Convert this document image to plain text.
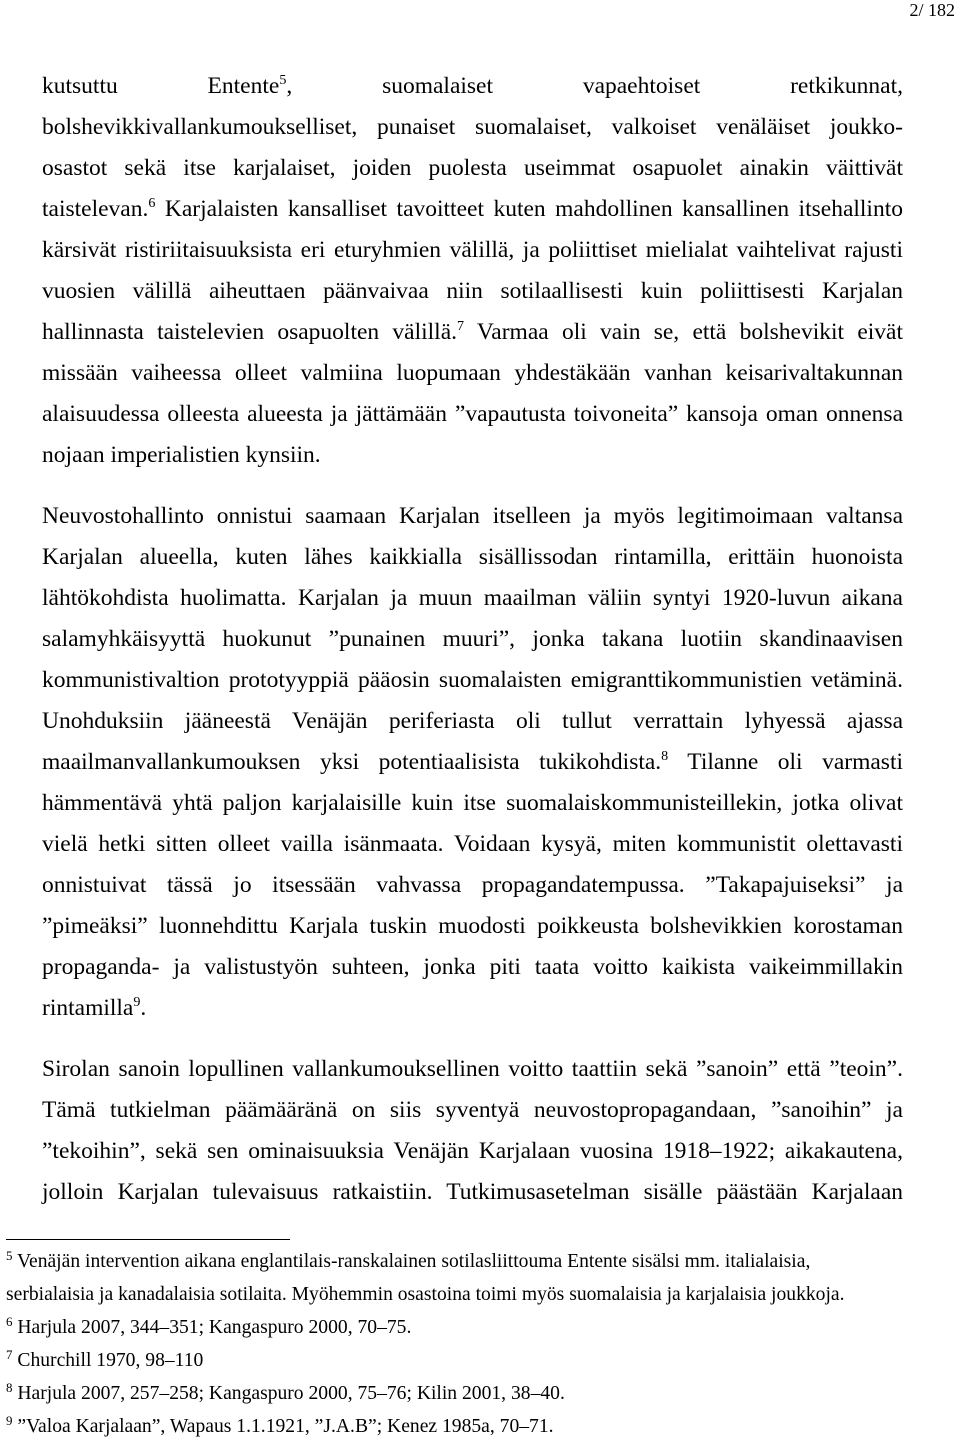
2/ 182
kutsuttu Entente$^5$, suomalaiset vapaehtoiset retkikunnat,
bolshevikkivallankumoukselliset, punaiset suomalaiset, valkoiset venäläiset joukko-
osastot sekä itse karjalaiset, joiden puolesta useimmat osapuolet ainakin väittivät
taistelevan.$^6$ Karjalaisten kansalliset tavoitteet kuten mahdollinen kansallinen itsehallinto
kärsivät ristiriitaisuuksista eri eturyhmien välillä, ja poliittiset mielialat vaihtelivat rajusti
vuosien välillä aiheuttaen päänvaivaa niin sotilaallisesti kuin poliittisesti Karjalan
hallinnasta taistelevien osapuolten välillä.$^7$ Varmaa oli vain se, että bolshevikit eivät
missään vaiheessa olleet valmiina luopumaan yhdestäkään vanhan keisarivaltakunnan
alaisuudessa olleesta alueesta ja jättämään ”vapautusta toivoneita” kansoja oman onnensa
nojaan imperialistien kynsiin.
Neuvostohallinto onnistui saamaan Karjalan itselleen ja myös legitimoimaan valtansa
Karjalan alueella, kuten lähes kaikkialla sisällissodan rintamilla, erittäin huonoista
lähtökohdista huolimatta. Karjalan ja muun maailman väliin syntyi 1920-luvun aikana
salamyhkäisyyttä huokunut ”punainen muuri”, jonka takana luotiin skandinaavisen
kommunistivaltion prototyyppiä pääosin suomalaisten emigranttikommunistien vetäminä.
Unohduksiin jääneestä Venäjän periferiasta oli tullut verrattain lyhyessä ajassa
maailmanvallankumouksen yksi potentiaalisista tukikohdista.$^8$ Tilanne oli varmasti
hämmentävä yhtä paljon karjalaisille kuin itse suomalaiskommunisteillekin, jotka olivat
vielä hetki sitten olleet vailla isänmaata. Voidaan kysyä, miten kommunistit olettavasti
onnistuivat tässä jo itsessään vahvassa propagandatempussa. ”Takapajuiseksi” ja
”pimeäksi” luonnehdittu Karjala tuskin muodosti poikkeusta bolshevikkien korostaman
propaganda- ja valistustyön suhteen, jonka piti taata voitto kaikista vaikeimmillakin
rintamilla$^9$.
Sirolan sanoin lopullinen vallankumouksellinen voitto taattiin sekä ”sanoin” että ”teoin”.
Tämä tutkielman päämääränä on siis syventyä neuvostopropagandaan, ”sanoihin” ja
”tekoihin”, sekä sen ominaisuuksia Venäjän Karjalaan vuosina 1918–1922; aikakautena,
jolloin Karjalan tulevaisuus ratkaistiin. Tutkimusasetelman sisälle päästään Karjalaan
$^5$ Venäjän intervention aikana englantilais-ranskalainen sotilasliittouma Entente sisälsi mm. italialaisia,
serbialaisia ja kanadalaisia sotilaita. Myöhemmin osastoina toimi myös suomalaisia ja karjalaisia joukkoja.
$^6$ Harjula 2007, 344–351; Kangaspuro 2000, 70–75.
$^7$ Churchill 1970, 98–110
$^8$ Harjula 2007, 257–258; Kangaspuro 2000, 75–76; Kilin 2001, 38–40.
$^9$ ”Valoa Karjalaan”, Wapaus 1.1.1921, ”J.A.B”; Kenez 1985a, 70–71.
